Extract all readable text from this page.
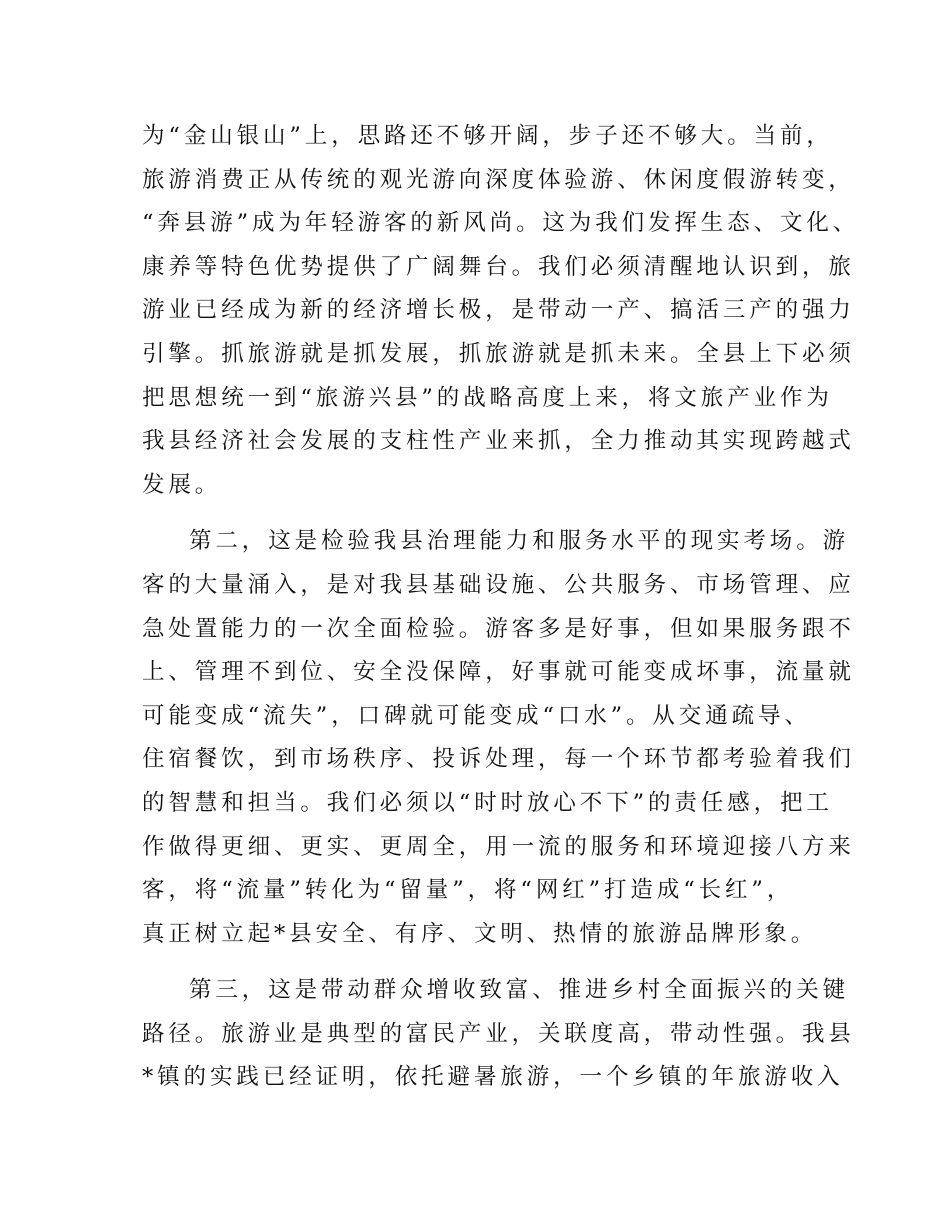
为“金山银山”上，思路还不够开阔，步子还不够大。当前，
旅游消费正从传统的观光游向深度体验游、休闲度假游转变，
“奔县游”成为年轻游客的新风尚。这为我们发挥生态、文化、
康养等特色优势提供了广阔舞台。我们必须清醒地认识到，旅
游业已经成为新的经济增长极，是带动一产、搞活三产的强力
引擎。抓旅游就是抓发展，抓旅游就是抓未来。全县上下必须
把思想统一到“旅游兴县”的战略高度上来，将文旅产业作为
我县经济社会发展的支柱性产业来抓，全力推动其实现跨越式
发展。
第二，这是检验我县治理能力和服务水平的现实考场。游
客的大量涌入，是对我县基础设施、公共服务、市场管理、应
急处置能力的一次全面检验。游客多是好事，但如果服务跟不
上、管理不到位、安全没保障，好事就可能变成坏事，流量就
可能变成“流失”，口碑就可能变成“口水”。从交通疏导、
住宿餐饮，到市场秩序、投诉处理，每一个环节都考验着我们
的智慧和担当。我们必须以“时时放心不下”的责任感，把工
作做得更细、更实、更周全，用一流的服务和环境迎接八方来
客，将“流量”转化为“留量”，将“网红”打造成“长红”，
真正树立起*县安全、有序、文明、热情的旅游品牌形象。
第三，这是带动群众增收致富、推进乡村全面振兴的关键
路径。旅游业是典型的富民产业，关联度高，带动性强。我县
*镇的实践已经证明，依托避暑旅游，一个乡镇的年旅游收入
